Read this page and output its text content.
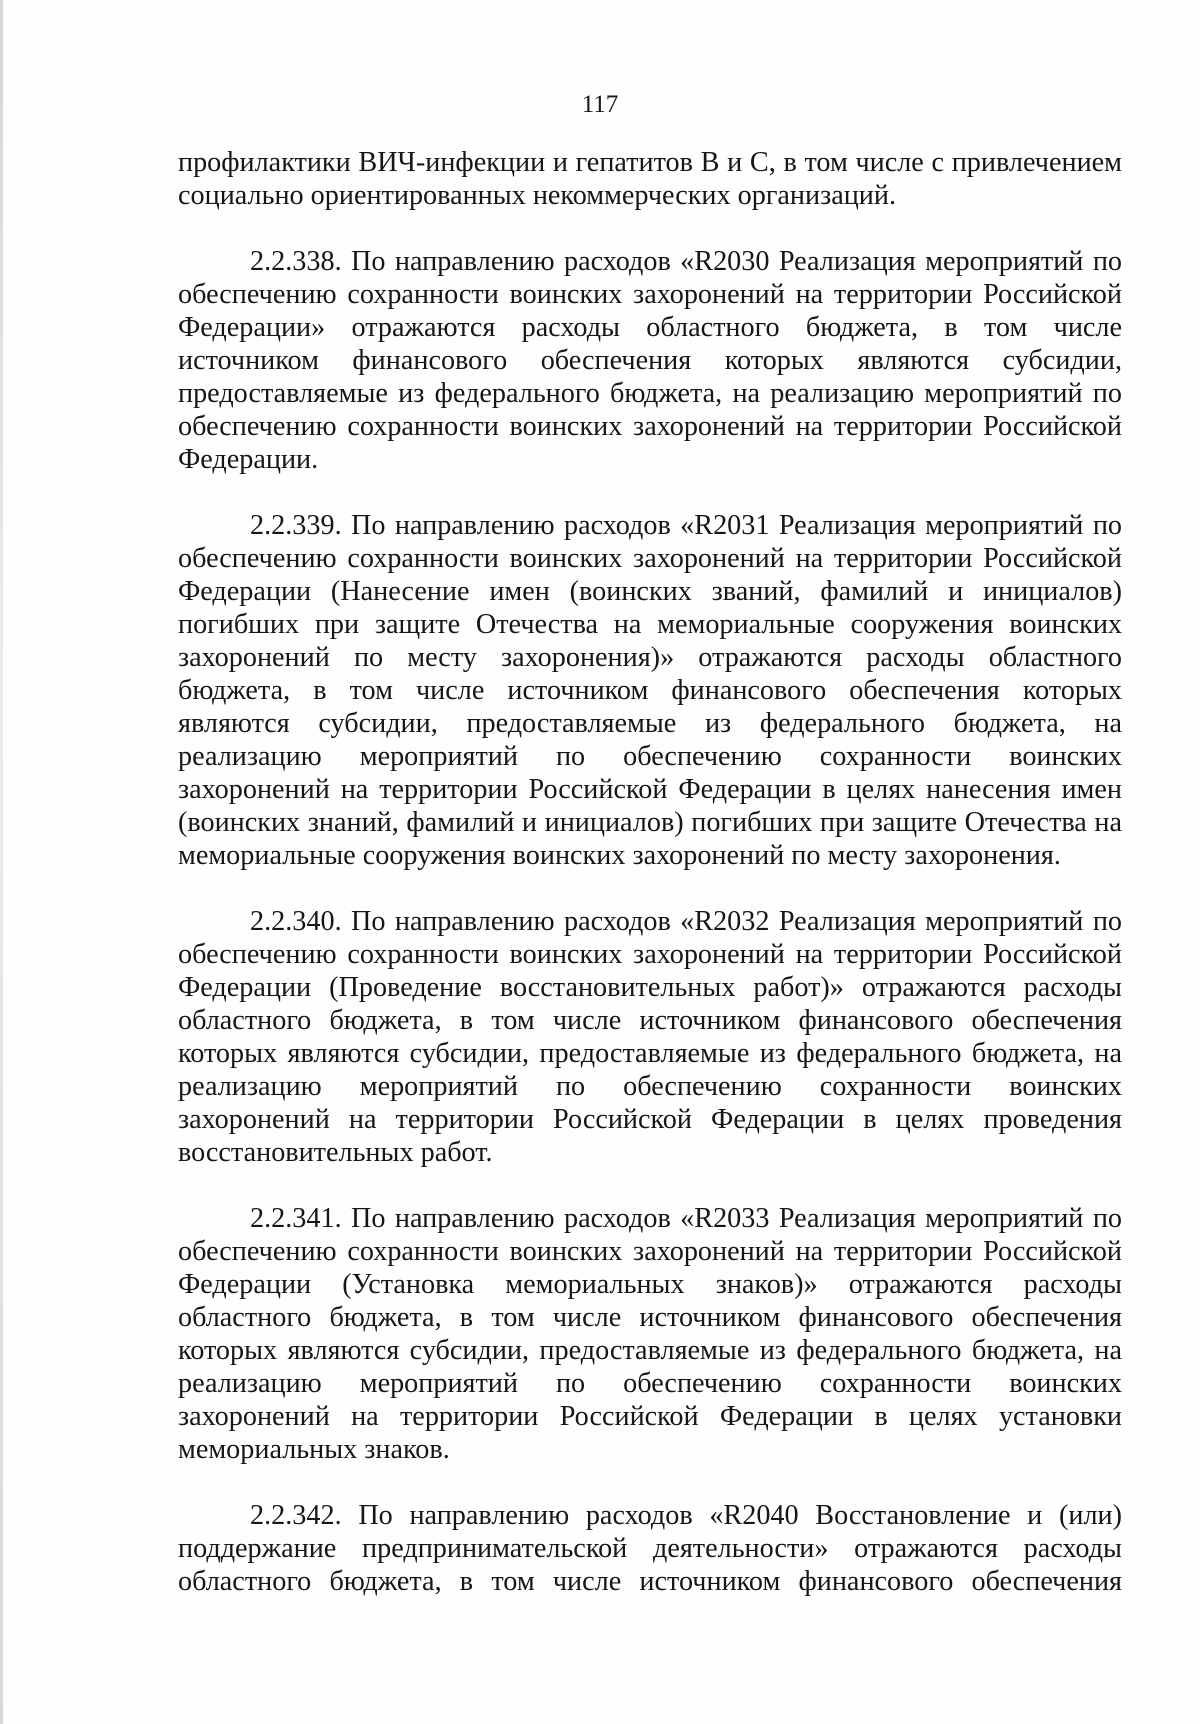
117
профилактики ВИЧ-инфекции и гепатитов В и С, в том числе с привлечением
социально ориентированных некоммерческих организаций.
2.2.338. По направлению расходов «R2030 Реализация мероприятий по
обеспечению сохранности воинских захоронений на территории Российской
Федерации» отражаются расходы областного бюджета, в том числе
источником финансового обеспечения которых являются субсидии,
предоставляемые из федерального бюджета, на реализацию мероприятий по
обеспечению сохранности воинских захоронений на территории Российской
Федерации.
2.2.339. По направлению расходов «R2031 Реализация мероприятий по
обеспечению сохранности воинских захоронений на территории Российской
Федерации (Нанесение имен (воинских званий, фамилий и инициалов)
погибших при защите Отечества на мемориальные сооружения воинских
захоронений по месту захоронения)» отражаются расходы областного
бюджета, в том числе источником финансового обеспечения которых
являются субсидии, предоставляемые из федерального бюджета, на
реализацию мероприятий по обеспечению сохранности воинских
захоронений на территории Российской Федерации в целях нанесения имен
(воинских знаний, фамилий и инициалов) погибших при защите Отечества на
мемориальные сооружения воинских захоронений по месту захоронения.
2.2.340. По направлению расходов «R2032 Реализация мероприятий по
обеспечению сохранности воинских захоронений на территории Российской
Федерации (Проведение восстановительных работ)» отражаются расходы
областного бюджета, в том числе источником финансового обеспечения
которых являются субсидии, предоставляемые из федерального бюджета, на
реализацию мероприятий по обеспечению сохранности воинских
захоронений на территории Российской Федерации в целях проведения
восстановительных работ.
2.2.341. По направлению расходов «R2033 Реализация мероприятий по
обеспечению сохранности воинских захоронений на территории Российской
Федерации (Установка мемориальных знаков)» отражаются расходы
областного бюджета, в том числе источником финансового обеспечения
которых являются субсидии, предоставляемые из федерального бюджета, на
реализацию мероприятий по обеспечению сохранности воинских
захоронений на территории Российской Федерации в целях установки
мемориальных знаков.
2.2.342. По направлению расходов «R2040 Восстановление и (или)
поддержание предпринимательской деятельности» отражаются расходы
областного бюджета, в том числе источником финансового обеспечения
